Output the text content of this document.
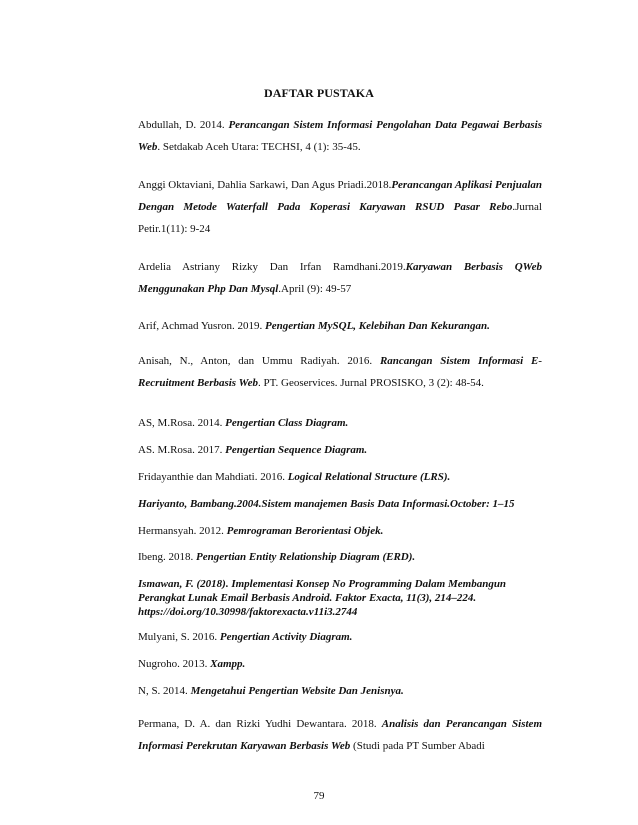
DAFTAR PUSTAKA

Abdullah, D. 2014. Perancangan Sistem Informasi Pengolahan Data Pegawai Berbasis Web. Setdakab Aceh Utara: TECHSI, 4 (1): 35-45.

Anggi Oktaviani, Dahlia Sarkawi, Dan Agus Priadi.2018.Perancangan Aplikasi Penjualan Dengan Metode Waterfall Pada Koperasi Karyawan RSUD Pasar Rebo.Jurnal Petir.1(11): 9-24

Ardelia Astriany Rizky Dan Irfan Ramdhani.2019.Karyawan Berbasis QWeb Menggunakan Php Dan Mysql.April (9): 49-57

Arif, Achmad Yusron. 2019. Pengertian MySQL, Kelebihan Dan Kekurangan.

Anisah, N., Anton, dan Ummu Radiyah. 2016. Rancangan Sistem Informasi E-Recruitment Berbasis Web. PT. Geoservices. Jurnal PROSISKO, 3 (2): 48-54.

AS, M.Rosa. 2014. Pengertian Class Diagram.

AS. M.Rosa. 2017. Pengertian Sequence Diagram.

Fridayanthie dan Mahdiati. 2016. Logical Relational Structure (LRS).

Hariyanto, Bambang.2004.Sistem manajemen Basis Data Informasi.October: 1–15

Hermansyah. 2012. Pemrograman Berorientasi Objek.

Ibeng. 2018. Pengertian Entity Relationship Diagram (ERD).

Ismawan, F. (2018). Implementasi Konsep No Programming Dalam Membangun Perangkat Lunak Email Berbasis Android. Faktor Exacta, 11(3), 214–224. https://doi.org/10.30998/faktorexacta.v11i3.2744

Mulyani, S. 2016. Pengertian Activity Diagram.

Nugroho. 2013. Xampp.

N, S. 2014. Mengetahui Pengertian Website Dan Jenisnya.

Permana, D. A. dan Rizki Yudhi Dewantara. 2018. Analisis dan Perancangan Sistem Informasi Perekrutan Karyawan Berbasis Web (Studi pada PT Sumber Abadi

79
